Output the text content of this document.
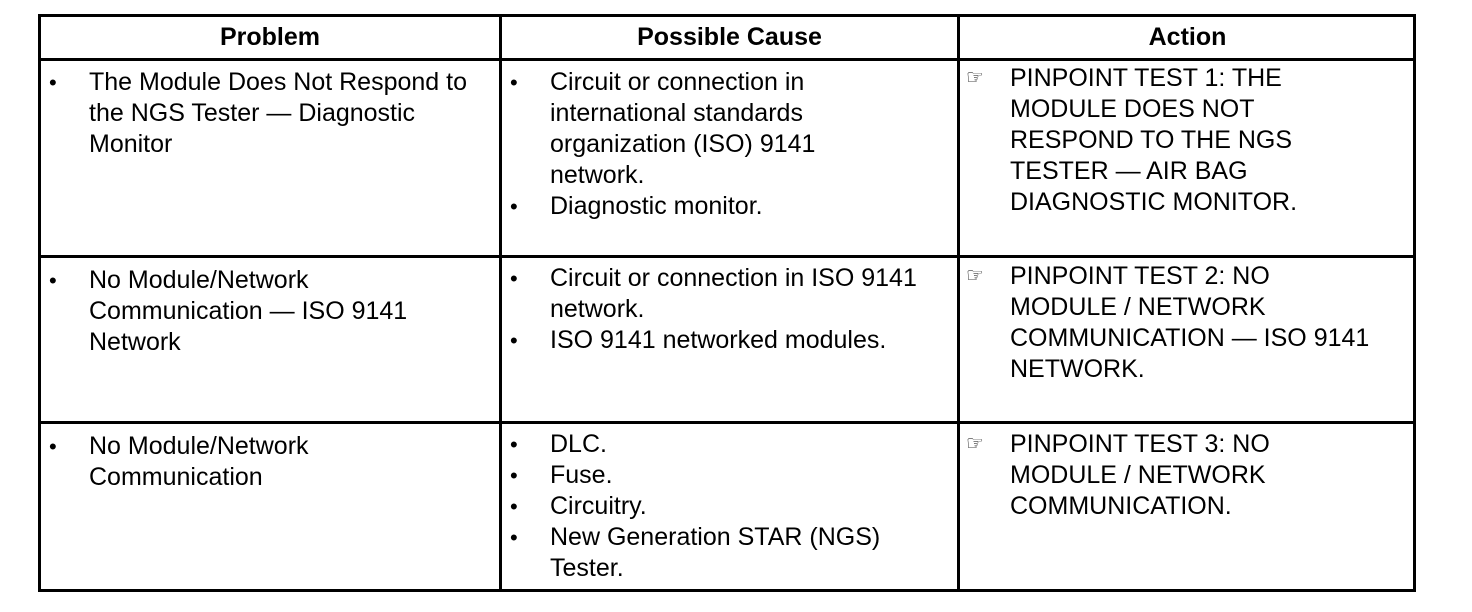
Problem	Possible Cause	Action
• The Module Does Not Respond to the NGS Tester — Diagnostic Monitor
• Circuit or connection in international standards organization (ISO) 9141 network.
• Diagnostic monitor.
☞ PINPOINT TEST 1: THE MODULE DOES NOT RESPOND TO THE NGS TESTER — AIR BAG DIAGNOSTIC MONITOR.
• No Module/Network Communication — ISO 9141 Network
• Circuit or connection in ISO 9141 network.
• ISO 9141 networked modules.
☞ PINPOINT TEST 2: NO MODULE / NETWORK COMMUNICATION — ISO 9141 NETWORK.
• No Module/Network Communication
• DLC.
• Fuse.
• Circuitry.
• New Generation STAR (NGS) Tester.
☞ PINPOINT TEST 3: NO MODULE / NETWORK COMMUNICATION.
